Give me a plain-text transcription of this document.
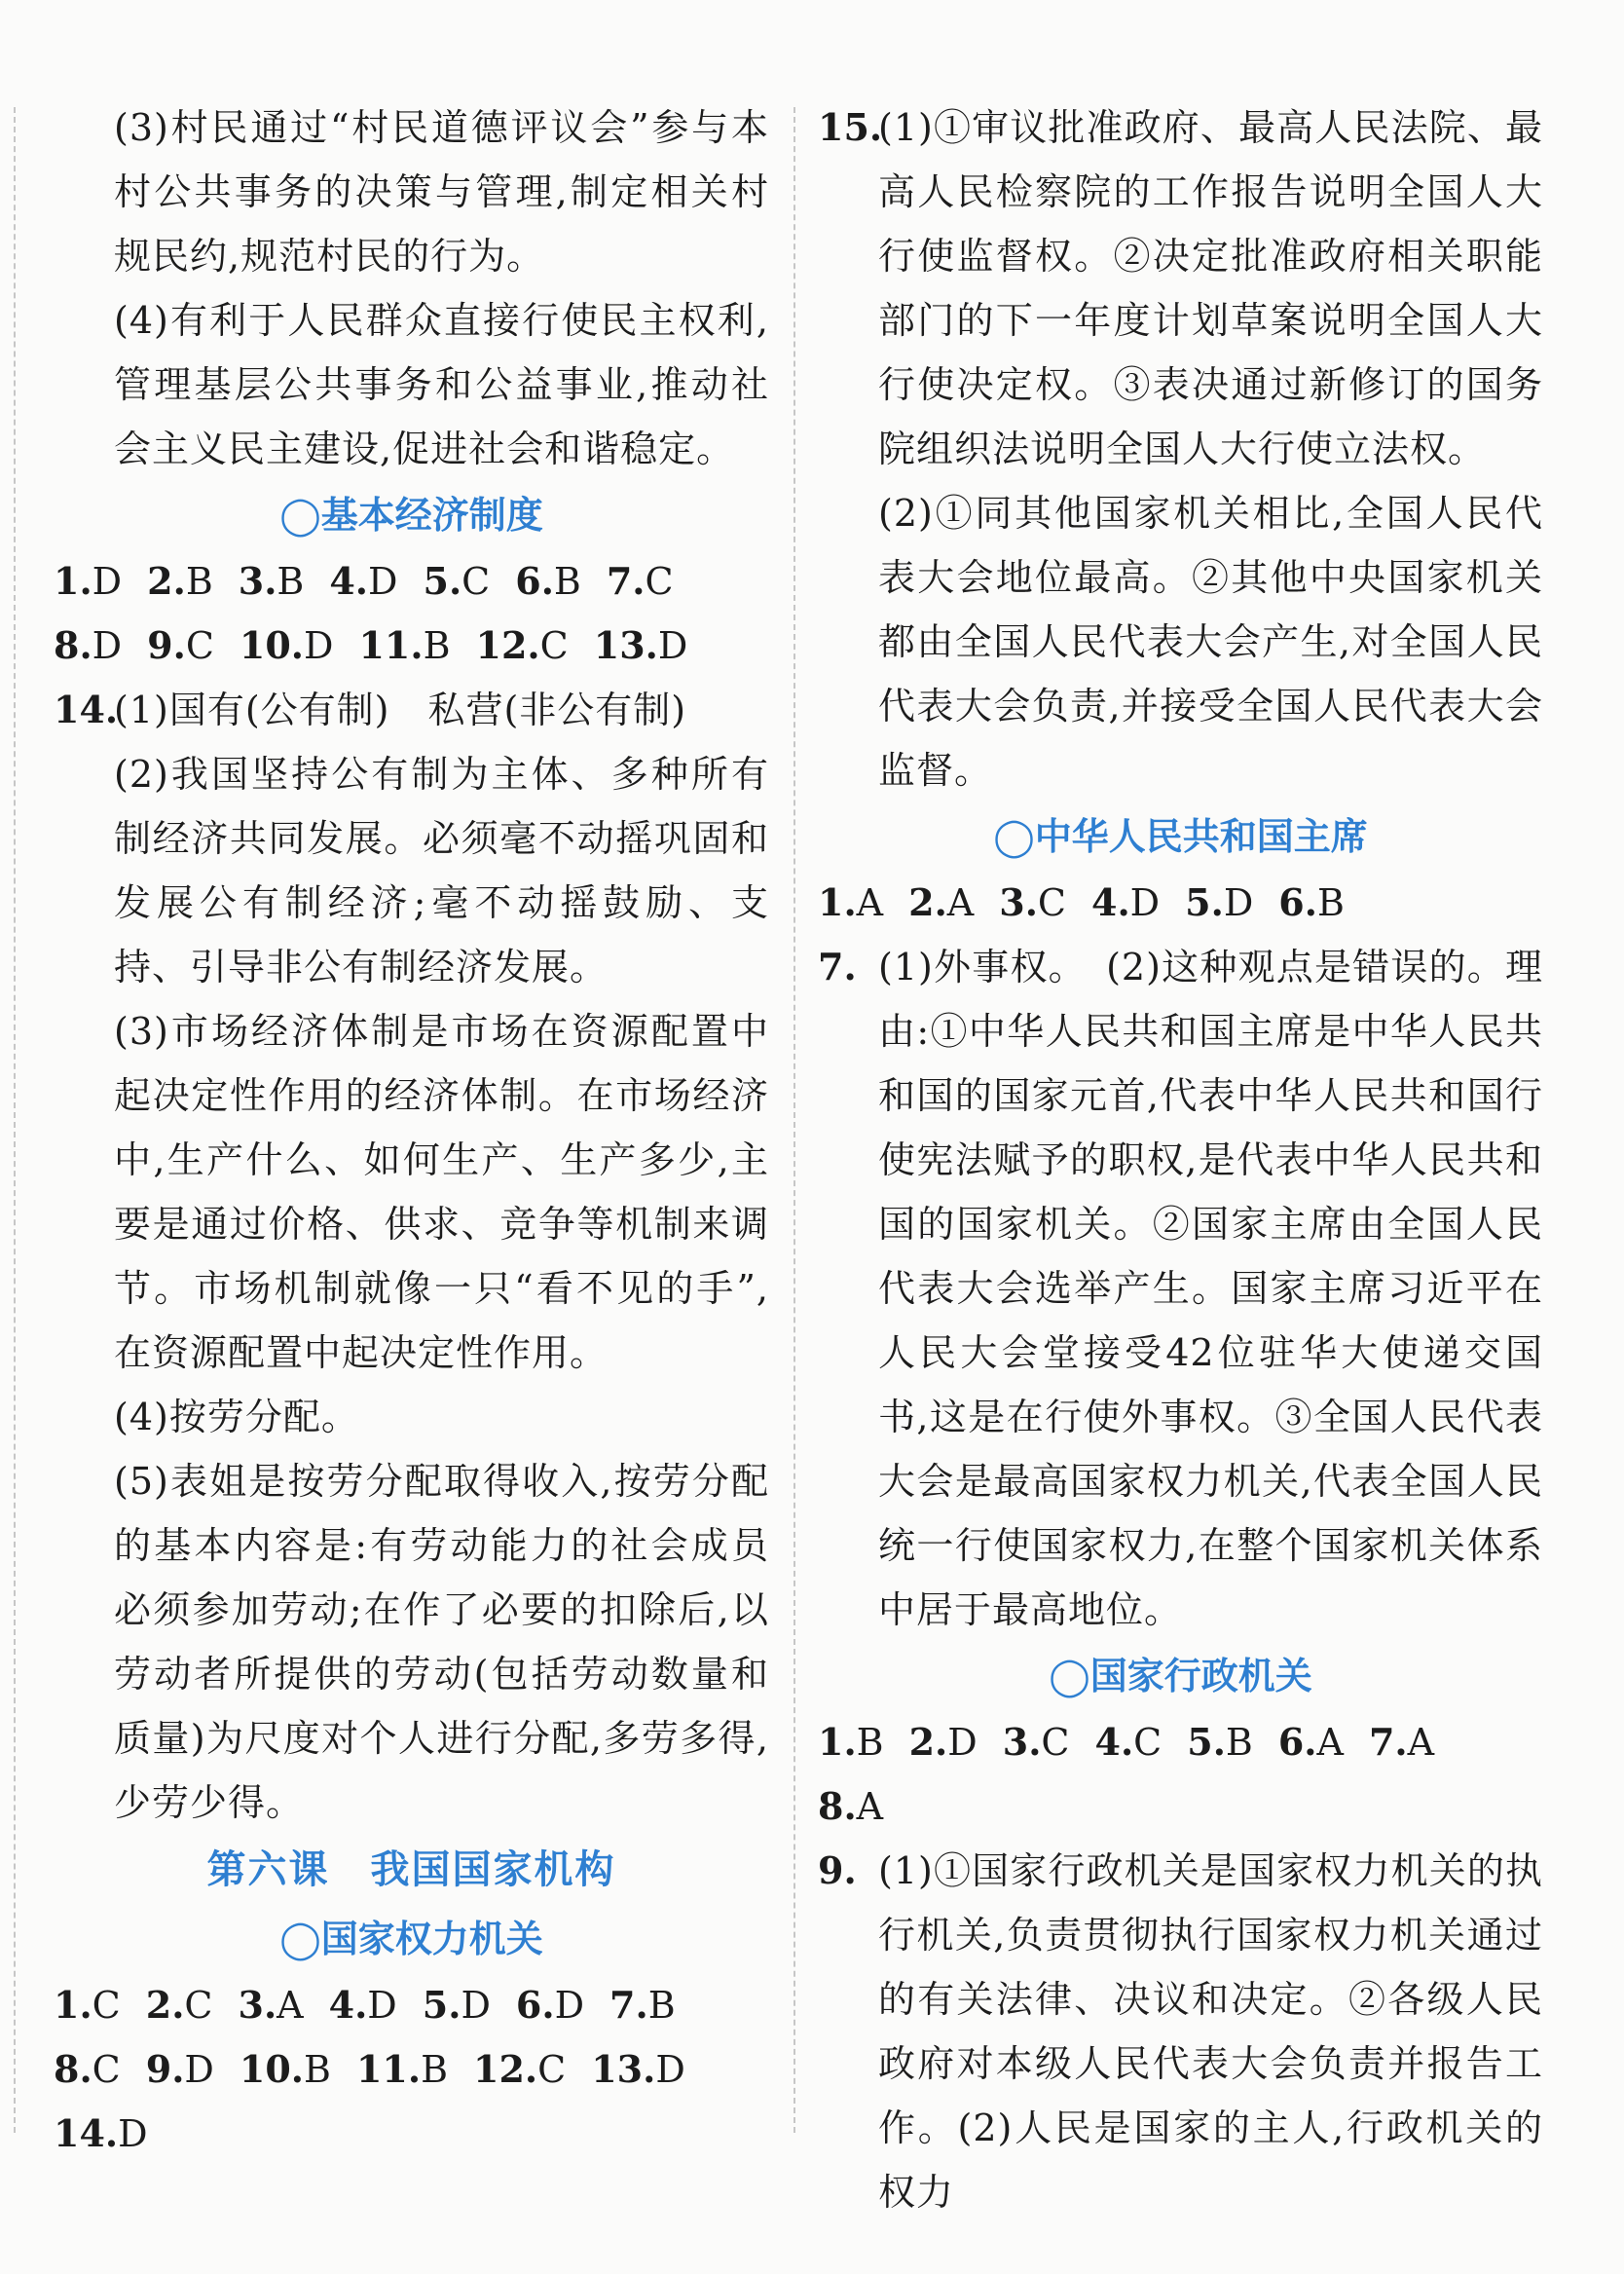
(3)村民通过“村民道德评议会”参与本村公共事务的决策与管理,制定相关村规民约,规范村民的行为。

(4)有利于人民群众直接行使民主权利,管理基层公共事务和公益事业,推动社会主义民主建设,促进社会和谐稳定。

◯基本经济制度

1.D 2.B 3.B 4.D 5.C 6.B 7.C
8.D 9.C 10.D 11.B 12.C 13.D
14.

(1)国有(公有制)　私营(非公有制)

(2)我国坚持公有制为主体、多种所有制经济共同发展。必须毫不动摇巩固和发展公有制经济;毫不动摇鼓励、支持、引导非公有制经济发展。

(3)市场经济体制是市场在资源配置中起决定性作用的经济体制。在市场经济中,生产什么、如何生产、生产多少,主要是通过价格、供求、竞争等机制来调节。市场机制就像一只“看不见的手”,在资源配置中起决定性作用。

(4)按劳分配。

(5)表姐是按劳分配取得收入,按劳分配的基本内容是:有劳动能力的社会成员必须参加劳动;在作了必要的扣除后,以劳动者所提供的劳动(包括劳动数量和质量)为尺度对个人进行分配,多劳多得,少劳少得。

第六课　我国国家机构

◯国家权力机关

1.C 2.C 3.A 4.D 5.D 6.D 7.B
8.C 9.D 10.B 11.B 12.C 13.D
14.D
15.

(1)①审议批准政府、最高人民法院、最高人民检察院的工作报告说明全国人大行使监督权。②决定批准政府相关职能部门的下一年度计划草案说明全国人大行使决定权。③表决通过新修订的国务院组织法说明全国人大行使立法权。

(2)①同其他国家机关相比,全国人民代表大会地位最高。②其他中央国家机关都由全国人民代表大会产生,对全国人民代表大会负责,并接受全国人民代表大会监督。

◯中华人民共和国主席

1.A 2.A 3.C 4.D 5.D 6.B
7. (1)外事权。　(2)这种观点是错误的。理由:①中华人民共和国主席是中华人民共和国的国家元首,代表中华人民共和国行使宪法赋予的职权,是代表中华人民共和国的国家机关。②国家主席由全国人民代表大会选举产生。国家主席习近平在人民大会堂接受42位驻华大使递交国书,这是在行使外事权。③全国人民代表大会是最高国家权力机关,代表全国人民统一行使国家权力,在整个国家机关体系中居于最高地位。

◯国家行政机关

1.B 2.D 3.C 4.C 5.B 6.A 7.A
8.A
9. (1)①国家行政机关是国家权力机关的执行机关,负责贯彻执行国家权力机关通过的有关法律、决议和决定。②各级人民政府对本级人民代表大会负责并报告工作。(2)人民是国家的主人,行政机关的权力
